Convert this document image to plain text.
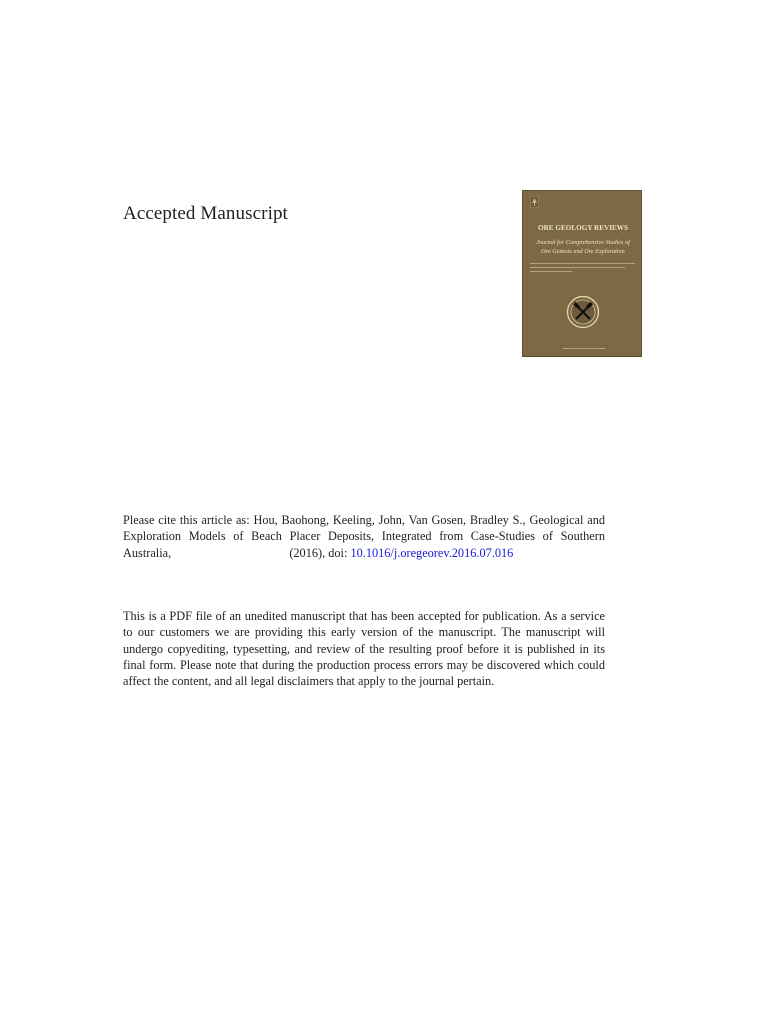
Accepted Manuscript
ORE GEOLOGY REVIEWS
Journal for Comprehensive Studies of
Ore Genesis and Ore Exploration

Please cite this article as: Hou, Baohong, Keeling, John, Van Gosen, Bradley S., Geological and Exploration Models of Beach Placer Deposits, Integrated from Case-Studies of Southern Australia,	(2016), doi: 10.1016/j.oregeorev.2016.07.016

This is a PDF file of an unedited manuscript that has been accepted for publication. As a service to our customers we are providing this early version of the manuscript. The manuscript will undergo copyediting, typesetting, and review of the resulting proof before it is published in its final form. Please note that during the production process errors may be discovered which could affect the content, and all legal disclaimers that apply to the journal pertain.
